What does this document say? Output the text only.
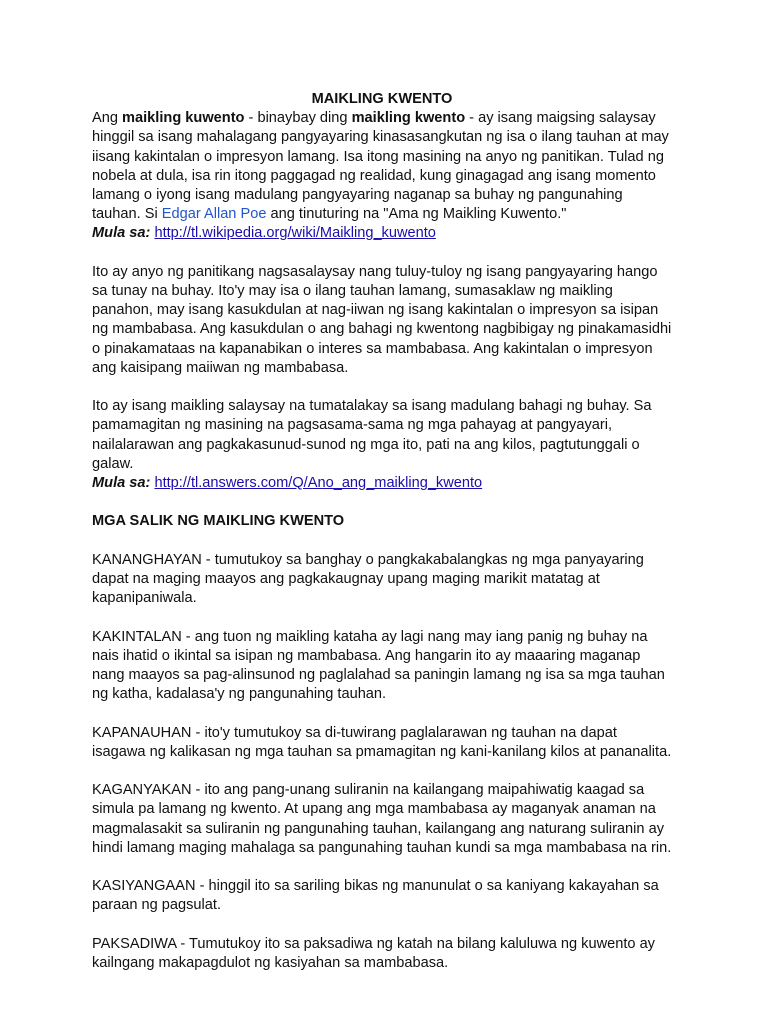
MAIKLING KWENTO

Ang maikling kuwento - binaybay ding maikling kwento - ay isang maigsing salaysay hinggil sa isang mahalagang pangyayaring kinasasangkutan ng isa o ilang tauhan at may iisang kakintalan o impresyon lamang. Isa itong masining na anyo ng panitikan. Tulad ng nobela at dula, isa rin itong paggagad ng realidad, kung ginagagad ang isang momento lamang o iyong isang madulang pangyayaring naganap sa buhay ng pangunahing tauhan. Si Edgar Allan Poe ang tinuturing na "Ama ng Maikling Kuwento."

Mula sa: http://tl.wikipedia.org/wiki/Maikling_kuwento

Ito ay anyo ng panitikang nagsasalaysay nang tuluy-tuloy ng isang pangyayaring hango sa tunay na buhay. Ito'y may isa o ilang tauhan lamang, sumasaklaw ng maikling panahon, may isang kasukdulan at nag-iiwan ng isang kakintalan o impresyon sa isipan ng mambabasa. Ang kasukdulan o ang bahagi ng kwentong nagbibigay ng pinakamasidhi o pinakamataas na kapanabikan o interes sa mambabasa. Ang kakintalan o impresyon ang kaisipang maiiwan ng mambabasa.

Ito ay isang maikling salaysay na tumatalakay sa isang madulang bahagi ng buhay. Sa pamamagitan ng masining na pagsasama-sama ng mga pahayag at pangyayari, nailalarawan ang pagkakasunud-sunod ng mga ito, pati na ang kilos, pagtutunggali o galaw.

Mula sa: http://tl.answers.com/Q/Ano_ang_maikling_kwento
MGA SALIK NG MAIKLING KWENTO

KANANGHAYAN - tumutukoy sa banghay o pangkakabalangkas ng mga panyayaring dapat na maging maayos ang pagkakaugnay upang maging marikit matatag at kapanipaniwala.

KAKINTALAN - ang tuon ng maikling kataha ay lagi nang may iang panig ng buhay na nais ihatid o ikintal sa isipan ng mambabasa. Ang hangarin ito ay maaaring maganap nang maayos sa pag-alinsunod ng paglalahad sa paningin lamang ng isa sa mga tauhan ng katha, kadalasa'y ng pangunahing tauhan.

KAPANAUHAN - ito'y tumutukoy sa di-tuwirang paglalarawan ng tauhan na dapat isagawa ng kalikasan ng mga tauhan sa pmamagitan ng kani-kanilang kilos at pananalita.

KAGANYAKAN - ito ang pang-unang suliranin na kailangang maipahiwatig kaagad sa simula pa lamang ng kwento. At upang ang mga mambabasa ay maganyak anaman na magmalasakit sa suliranin ng pangunahing tauhan, kailangang ang naturang suliranin ay hindi lamang maging mahalaga sa pangunahing tauhan kundi sa mga mambabasa na rin.

KASIYANGAAN - hinggil ito sa sariling bikas ng manunulat o sa kaniyang kakayahan sa paraan ng pagsulat.

PAKSADIWA - Tumutukoy ito sa paksadiwa ng katah na bilang kaluluwa ng kuwento ay kailngang makapagdulot ng kasiyahan sa mambabasa.
